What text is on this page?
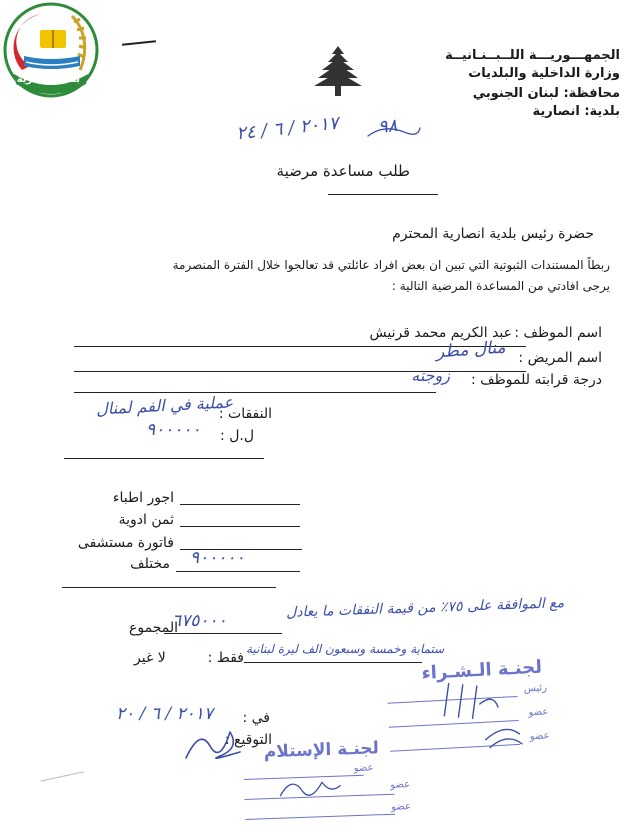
بلدية انصارية
الجمهـــوريـــة اللــبــنـانيــة
وزارة الداخلية والبلديات
محافظة: لبنان الجنوبي
بلدية: انصارية
٢٠١٧ / ٦ / ٢٤ ٩٨
طلب مساعدة مرضية
حضرة رئيس بلدية انصارية المحترم
ربطاً المستندات الثبوتية التي تبين ان بعض افراد عائلتي قد تعالجوا خلال الفترة المنصرمة
يرجى افادتي من المساعدة المرضية التالية :
اسم الموظف :
عبد الكريم محمد قرنيش
اسم المريض :
منال مطر
درجة قرابته للموظف :
زوجته
النفقات :
عملية في الفم لمنال
ل.ل :
٩٠٠٠٠٠
اجور اطباء
ثمن ادوية
فاتورة مستشفى
مختلف ٩٠٠٠٠٠
مع الموافقة على ٧٥٪ من قيمة النفقات ما يعادل
المجموع
٦٧٥٠٠٠
فقط :
ستماية وخمسة وسبعون الف ليرة لبنانية
لا غير
في :
٢٠١٧ / ٦ / ٢٠
التوقيع :
لجنـة الـشـراء
رئيس
عضو
عضو
لجنـة الإستلام
عضو
عضو
عضو
